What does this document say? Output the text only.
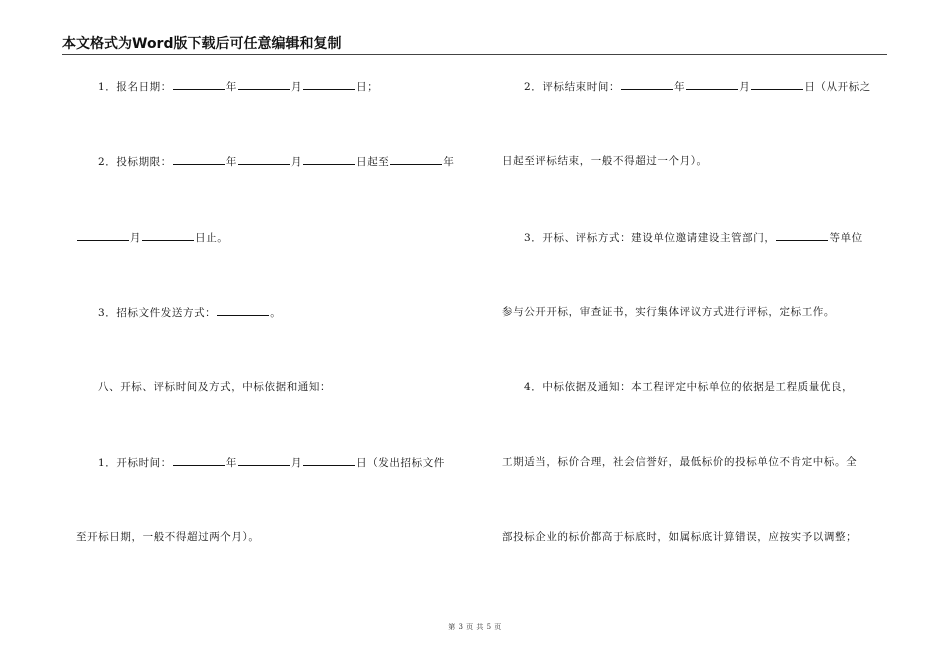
本文格式为Word版下载后可任意编辑和复制
1．报名日期：	年	月	日；
2．投标期限：	年	月	日起至	年
月	日止。
3．招标文件发送方式：	。
八、开标、评标时间及方式，中标依据和通知：
1．开标时间：	年	月	日（发出招标文件
至开标日期，一般不得超过两个月）。
2．评标结束时间：	年	月	日（从开标之
日起至评标结束，一般不得超过一个月）。
3．开标、评标方式：建设单位邀请建设主管部门，	等单位
参与公开开标，审查证书，实行集体评议方式进行评标，定标工作。
4．中标依据及通知：本工程评定中标单位的依据是工程质量优良，
工期适当，标价合理，社会信誉好，最低标价的投标单位不肯定中标。全
部投标企业的标价都高于标底时，如属标底计算错误，应按实予以调整；
第 3 页 共 5 页
